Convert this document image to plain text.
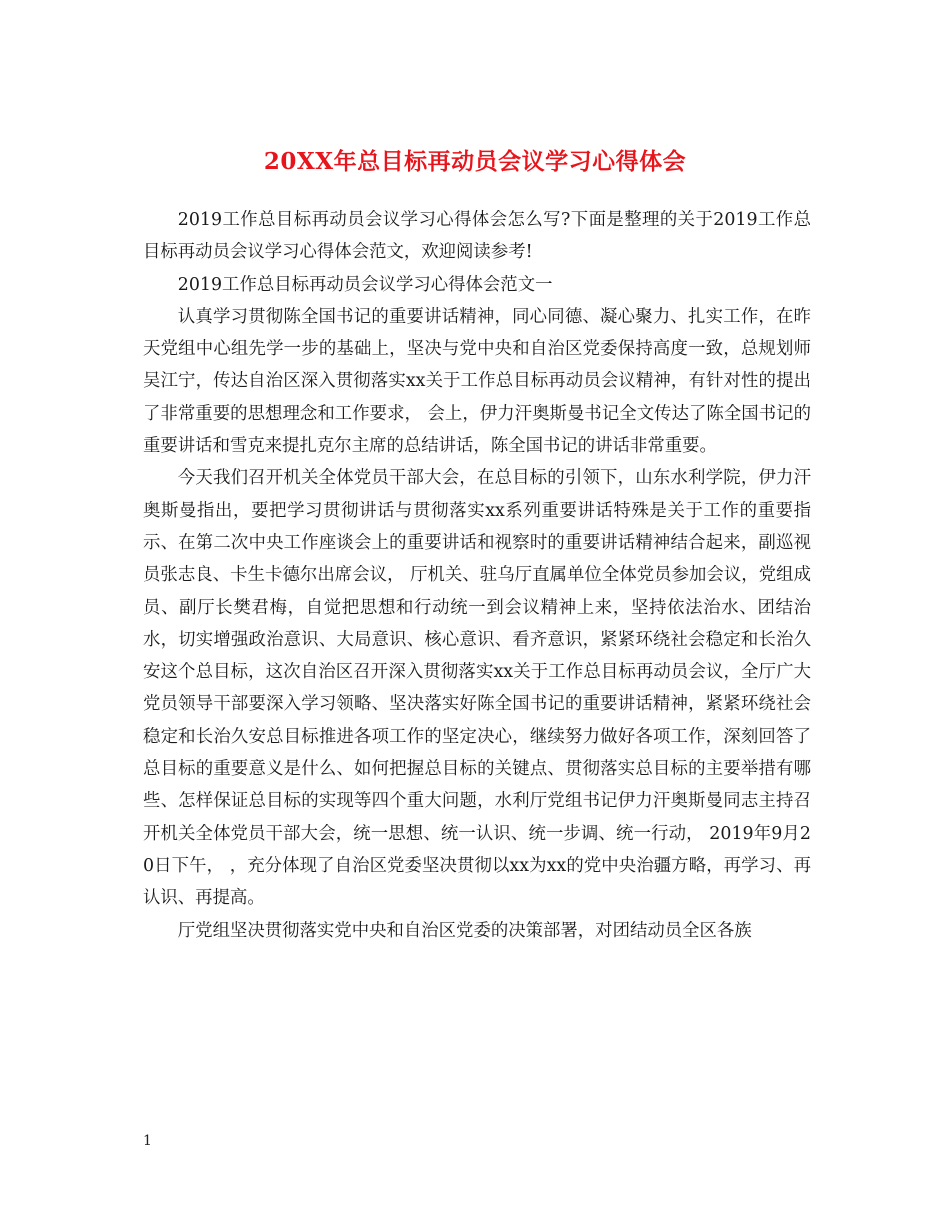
20XX年总目标再动员会议学习心得体会

2019工作总目标再动员会议学习心得体会怎么写?下面是整理的关于2019工作总目标再动员会议学习心得体会范文，欢迎阅读参考!

2019工作总目标再动员会议学习心得体会范文一

认真学习贯彻陈全国书记的重要讲话精神，同心同德、凝心聚力、扎实工作，在昨天党组中心组先学一步的基础上，坚决与党中央和自治区党委保持高度一致，总规划师吴江宁，传达自治区深入贯彻落实xx关于工作总目标再动员会议精神，有针对性的提出了非常重要的思想理念和工作要求， 会上，伊力汗奥斯曼书记全文传达了陈全国书记的重要讲话和雪克来提扎克尔主席的总结讲话，陈全国书记的讲话非常重要。

今天我们召开机关全体党员干部大会，在总目标的引领下，山东水利学院，伊力汗奥斯曼指出，要把学习贯彻讲话与贯彻落实xx系列重要讲话特殊是关于工作的重要指示、在第二次中央工作座谈会上的重要讲话和视察时的重要讲话精神结合起来，副巡视员张志良、卡生卡德尔出席会议， 厅机关、驻乌厅直属单位全体党员参加会议，党组成员、副厅长樊君梅，自觉把思想和行动统一到会议精神上来，坚持依法治水、团结治水，切实增强政治意识、大局意识、核心意识、看齐意识，紧紧环绕社会稳定和长治久安这个总目标，这次自治区召开深入贯彻落实xx关于工作总目标再动员会议，全厅广大党员领导干部要深入学习领略、坚决落实好陈全国书记的重要讲话精神，紧紧环绕社会稳定和长治久安总目标推进各项工作的坚定决心，继续努力做好各项工作，深刻回答了总目标的重要意义是什么、如何把握总目标的关键点、贯彻落实总目标的主要举措有哪些、怎样保证总目标的实现等四个重大问题，水利厅党组书记伊力汗奥斯曼同志主持召开机关全体党员干部大会，统一思想、统一认识、统一步调、统一行动， 2019年9月20日下午， ，充分体现了自治区党委坚决贯彻以xx为xx的党中央治疆方略，再学习、再认识、再提高。

厅党组坚决贯彻落实党中央和自治区党委的决策部署，对团结动员全区各族

1
